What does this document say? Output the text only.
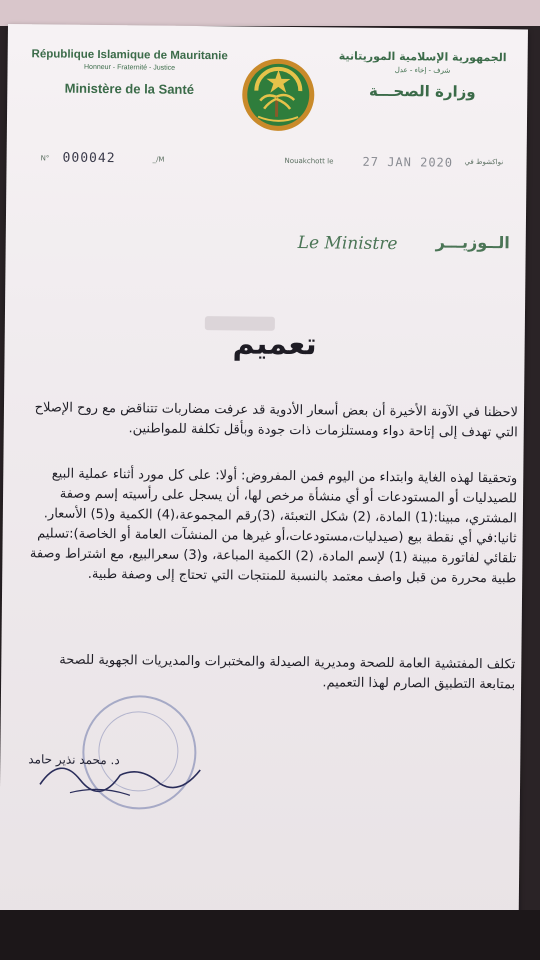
République Islamique de Mauritanie
Honneur - Fraternité - Justice
Ministère de la Santé
الجمهورية الإسلامية الموريتانية
شرف - إخاء - عدل
وزارة الصحـــة
N° 000042	_/M	Nouakchott le 27 JAN 2020 نواكشوط في
Le Ministre الــوزيـــر
تعميم
لاحظنا في الآونة الأخيرة أن بعض أسعار الأدوية قد عرفت مضاربات تتناقض مع روح الإصلاح التي تهدف إلى إتاحة دواء ومستلزمات ذات جودة وبأقل تكلفة للمواطنين.
وتحقيقا لهذه الغاية وابتداء من اليوم فمن المفروض: أولا: على كل مورد أثناء عملية البيع للصيدليات أو المستودعات أو أي منشأة مرخص لها، أن يسجل على رأسيته إسم وصفة المشتري، مبينا:(1) المادة، (2) شكل التعبئة، (3)رقم المجموعة،(4) الكمية و(5) الأسعار. ثانيا:في أي نقطة بيع (صيدليات،مستودعات،أو غيرها من المنشآت العامة أو الخاصة):تسليم تلقائي لفاتورة مبينة (1) لإسم المادة، (2) الكمية المباعة، و(3) سعرالبيع، مع اشتراط وصفة طبية محررة من قبل واصف معتمد بالنسبة للمنتجات التي تحتاج إلى وصفة طبية.
تكلف المفتشية العامة للصحة ومديرية الصيدلة والمختبرات والمديريات الجهوية للصحة بمتابعة التطبيق الصارم لهذا التعميم.
د. محمد نذير حامد
